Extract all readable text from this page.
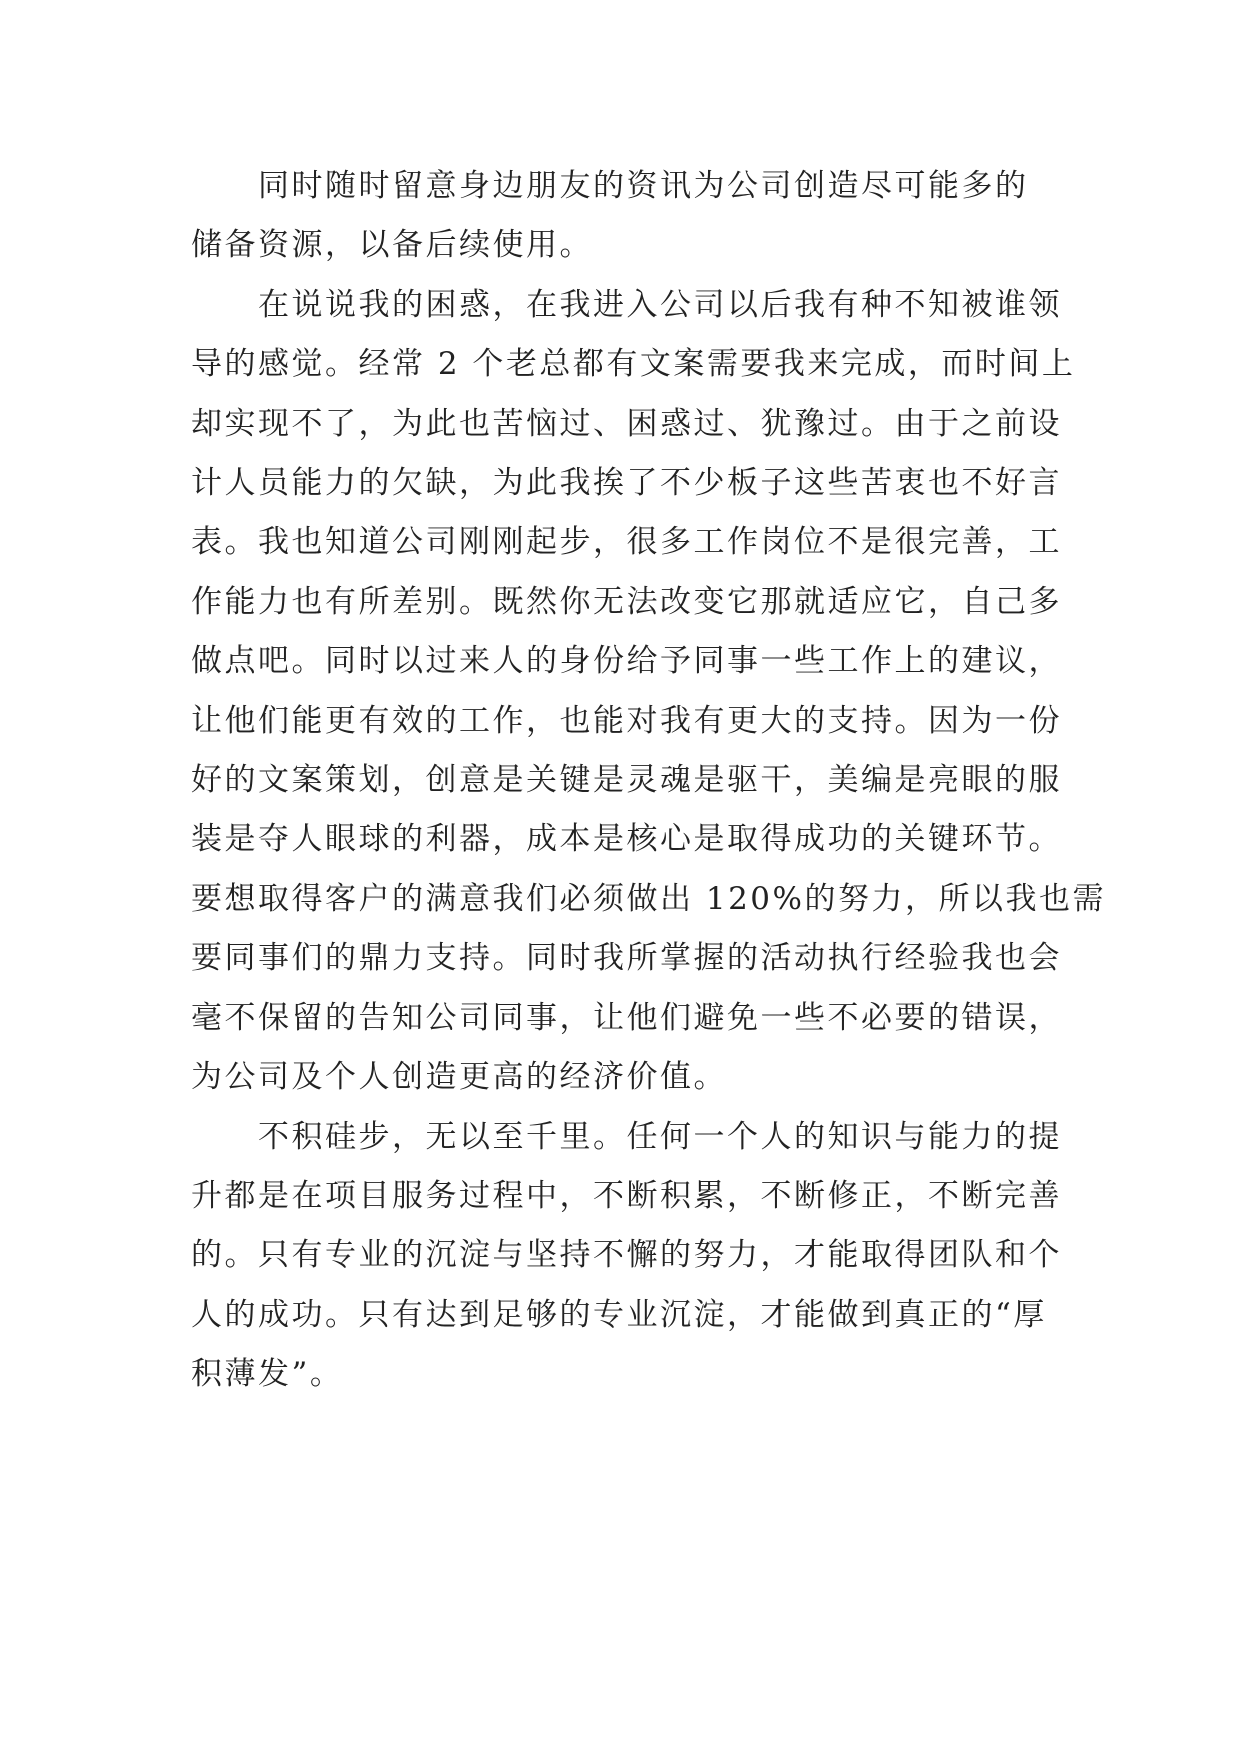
同时随时留意身边朋友的资讯为公司创造尽可能多的
储备资源，以备后续使用。

在说说我的困惑，在我进入公司以后我有种不知被谁领
导的感觉。经常 2 个老总都有文案需要我来完成，而时间上
却实现不了，为此也苦恼过、困惑过、犹豫过。由于之前设
计人员能力的欠缺，为此我挨了不少板子这些苦衷也不好言
表。我也知道公司刚刚起步，很多工作岗位不是很完善，工
作能力也有所差别。既然你无法改变它那就适应它，自己多
做点吧。同时以过来人的身份给予同事一些工作上的建议，
让他们能更有效的工作，也能对我有更大的支持。因为一份
好的文案策划，创意是关键是灵魂是驱干，美编是亮眼的服
装是夺人眼球的利器，成本是核心是取得成功的关键环节。
要想取得客户的满意我们必须做出 120%的努力，所以我也需
要同事们的鼎力支持。同时我所掌握的活动执行经验我也会
毫不保留的告知公司同事，让他们避免一些不必要的错误，
为公司及个人创造更高的经济价值。

不积硅步，无以至千里。任何一个人的知识与能力的提
升都是在项目服务过程中，不断积累，不断修正，不断完善
的。只有专业的沉淀与坚持不懈的努力，才能取得团队和个
人的成功。只有达到足够的专业沉淀，才能做到真正的“厚
积薄发”。
